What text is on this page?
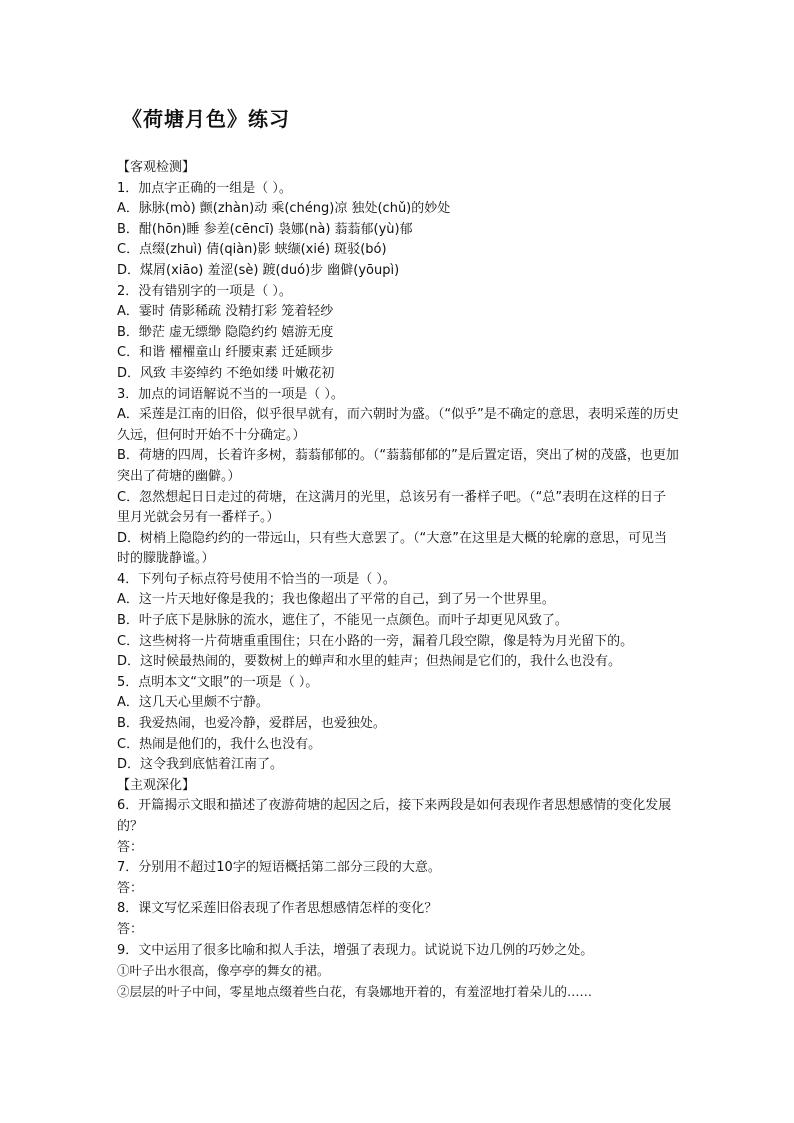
《荷塘月色》练习
【客观检测】
1．加点字正确的一组是（ ）。
A．脉脉(mò) 颤(zhàn)动 乘(chéng)凉 独处(chǔ)的妙处
B．酣(hōn)睡 参差(cēncī) 袅娜(nà) 蓊蓊郁(yù)郁
C．点缀(zhuì) 倩(qiàn)影 蛱缬(xié) 斑驳(bó)
D．煤屑(xiāo) 羞涩(sè) 踱(duó)步 幽僻(yōupì)
2．没有错别字的一项是（ ）。
A．霎时 倩影稀疏 没精打彩 笼着轻纱
B．缈茫 虚无缥缈 隐隐约约 嬉游无度
C．和谐 櫂櫂童山 纤腰束素 迁延顾步
D．风致 丰姿绰约 不绝如缕 叶嫩花初
3．加点的词语解说不当的一项是（ ）。
A．采莲是江南的旧俗，似乎很早就有，而六朝时为盛。（“似乎”是不确定的意思，表明采莲的历史久远，但何时开始不十分确定。）
B．荷塘的四周，长着许多树，蓊蓊郁郁的。（“蓊蓊郁郁的”是后置定语，突出了树的茂盛，也更加突出了荷塘的幽僻。）
C．忽然想起日日走过的荷塘，在这满月的光里，总该另有一番样子吧。（“总”表明在这样的日子里月光就会另有一番样子。）
D．树梢上隐隐约约的一带远山，只有些大意罢了。（“大意”在这里是大概的轮廓的意思，可见当时的朦胧静谧。）
4．下列句子标点符号使用不恰当的一项是（ ）。
A．这一片天地好像是我的；我也像超出了平常的自己，到了另一个世界里。
B．叶子底下是脉脉的流水，遮住了，不能见一点颜色。而叶子却更见风致了。
C．这些树将一片荷塘重重围住；只在小路的一旁，漏着几段空隙，像是特为月光留下的。
D．这时候最热闹的，要数树上的蝉声和水里的蛙声；但热闹是它们的，我什么也没有。
5．点明本文“文眼”的一项是（ ）。
A．这几天心里颇不宁静。
B．我爱热闹，也爱冷静，爱群居，也爱独处。
C．热闹是他们的，我什么也没有。
D．这令我到底惦着江南了。
【主观深化】
6．开篇揭示文眼和描述了夜游荷塘的起因之后，接下来两段是如何表现作者思想感情的变化发展的？
答：
7．分别用不超过10字的短语概括第二部分三段的大意。
答：
8．课文写忆采莲旧俗表现了作者思想感情怎样的变化？
答：
9．文中运用了很多比喻和拟人手法，增强了表现力。试说说下边几例的巧妙之处。
①叶子出水很高，像亭亭的舞女的裙。
②层层的叶子中间，零星地点缀着些白花，有袅娜地开着的，有羞涩地打着朵儿的……
